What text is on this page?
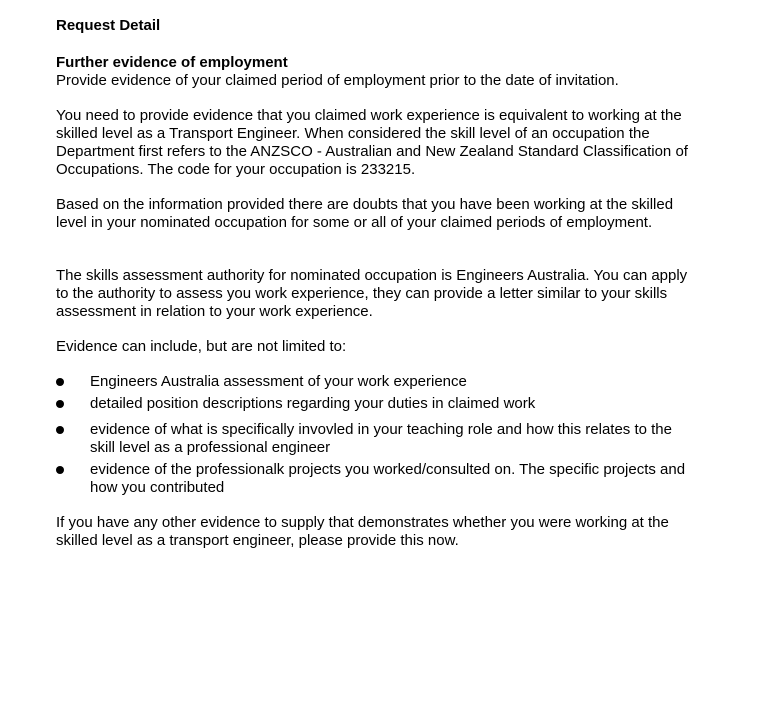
Request Detail

Further evidence of employment

Provide evidence of your claimed period of employment prior to the date of invitation.

You need to provide evidence that you claimed work experience is equivalent to working at the skilled level as a Transport Engineer. When considered the skill level of an occupation the Department first refers to the ANZSCO - Australian and New Zealand Standard Classification of Occupations. The code for your occupation is 233215.

Based on the information provided there are doubts that you have been working at the skilled level in your nominated occupation for some or all of your claimed periods of employment.

The skills assessment authority for nominated occupation is Engineers Australia. You can apply to the authority to assess you work experience, they can provide a letter similar to your skills assessment in relation to your work experience.

Evidence can include, but are not limited to:

Engineers Australia assessment of your work experience
detailed position descriptions regarding your duties in claimed work
evidence of what is specifically invovled in your teaching role and how this relates to the skill level as a professional engineer
evidence of the professionalk projects you worked/consulted on. The specific projects and how you contributed

If you have any other evidence to supply that demonstrates whether you were working at the skilled level as a transport engineer, please provide this now.
